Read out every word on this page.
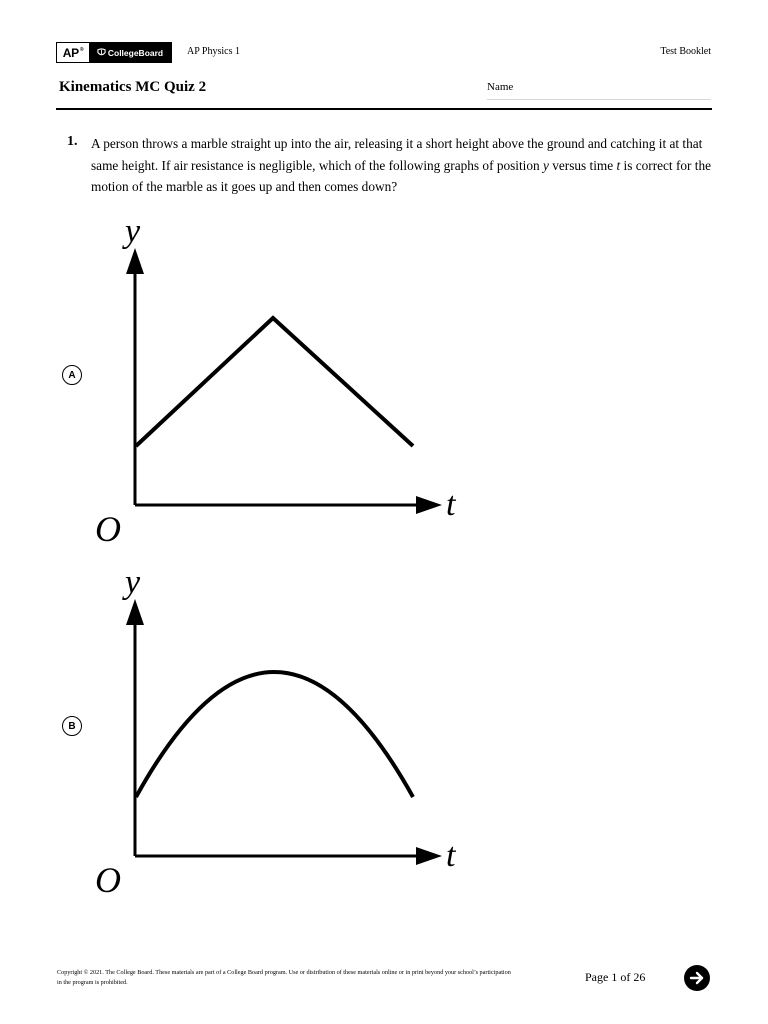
AP®	CollegeBoard AP Physics 1	Test Booklet
Kinematics MC Quiz 2	Name
1. A person throws a marble straight up into the air, releasing it a short height above the ground and catching it at that same height. If air resistance is negligible, which of the following graphs of position y versus time t is correct for the motion of the marble as it goes up and then comes down?
A
y
t
O
B
y
t
O
Copyright © 2021. The College Board. These materials are part of a College Board program. Use or distribution of these materials online or in print beyond your school’s participation in the program is prohibited.	Page 1 of 26
